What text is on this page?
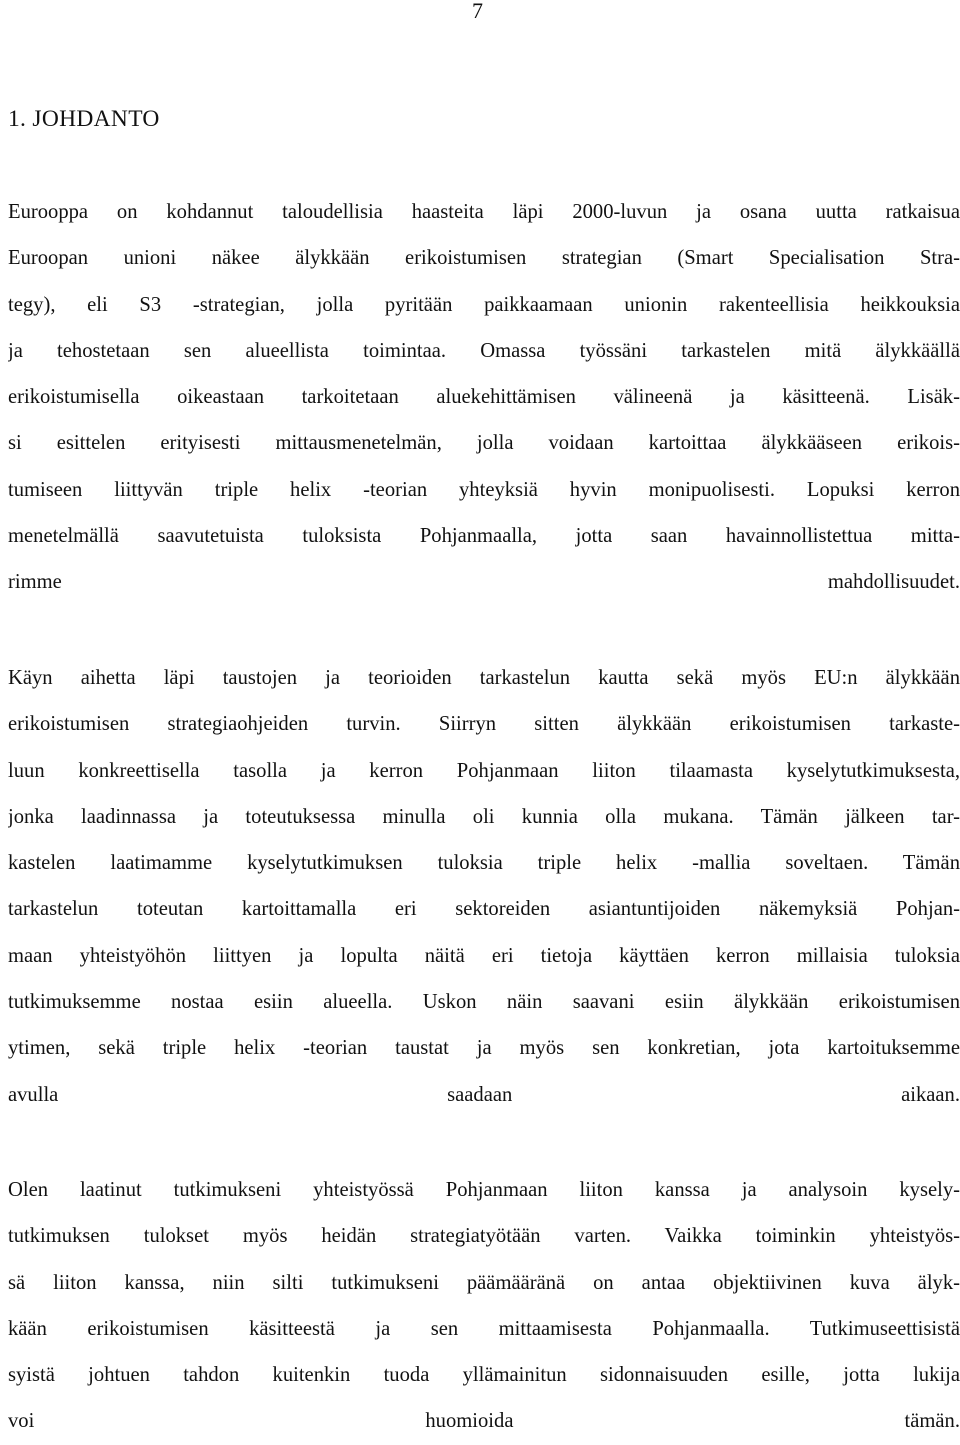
7
1. JOHDANTO
Eurooppa on kohdannut taloudellisia haasteita läpi 2000-luvun ja osana uutta ratkaisua
Euroopan unioni näkee älykkään erikoistumisen strategian (Smart Specialisation Stra-
tegy), eli S3 -strategian, jolla pyritään paikkaamaan unionin rakenteellisia heikkouksia
ja tehostetaan sen alueellista toimintaa. Omassa työssäni tarkastelen mitä älykkäällä
erikoistumisella oikeastaan tarkoitetaan aluekehittämisen välineenä ja käsitteenä. Lisäk-
si esittelen erityisesti mittausmenetelmän, jolla voidaan kartoittaa älykkääseen erikois-
tumiseen liittyvän triple helix -teorian yhteyksiä hyvin monipuolisesti. Lopuksi kerron
menetelmällä saavutetuista tuloksista Pohjanmaalla, jotta saan havainnollistettua mitta-
rimme mahdollisuudet.
Käyn aihetta läpi taustojen ja teorioiden tarkastelun kautta sekä myös EU:n älykkään
erikoistumisen strategiaohjeiden turvin. Siirryn sitten älykkään erikoistumisen tarkaste-
luun konkreettisella tasolla ja kerron Pohjanmaan liiton tilaamasta kyselytutkimuksesta,
jonka laadinnassa ja toteutuksessa minulla oli kunnia olla mukana. Tämän jälkeen tar-
kastelen laatimamme kyselytutkimuksen tuloksia triple helix -mallia soveltaen. Tämän
tarkastelun toteutan kartoittamalla eri sektoreiden asiantuntijoiden näkemyksiä Pohjan-
maan yhteistyöhön liittyen ja lopulta näitä eri tietoja käyttäen kerron millaisia tuloksia
tutkimuksemme nostaa esiin alueella. Uskon näin saavani esiin älykkään erikoistumisen
ytimen, sekä triple helix -teorian taustat ja myös sen konkretian, jota kartoituksemme
avulla saadaan aikaan.
Olen laatinut tutkimukseni yhteistyössä Pohjanmaan liiton kanssa ja analysoin kysely-
tutkimuksen tulokset myös heidän strategiatyötään varten. Vaikka toiminkin yhteistyös-
sä liiton kanssa, niin silti tutkimukseni päämääränä on antaa objektiivinen kuva älyk-
kään erikoistumisen käsitteestä ja sen mittaamisesta Pohjanmaalla. Tutkimuseettisistä
syistä johtuen tahdon kuitenkin tuoda yllämainitun sidonnaisuuden esille, jotta lukija
voi huomioida tämän.
